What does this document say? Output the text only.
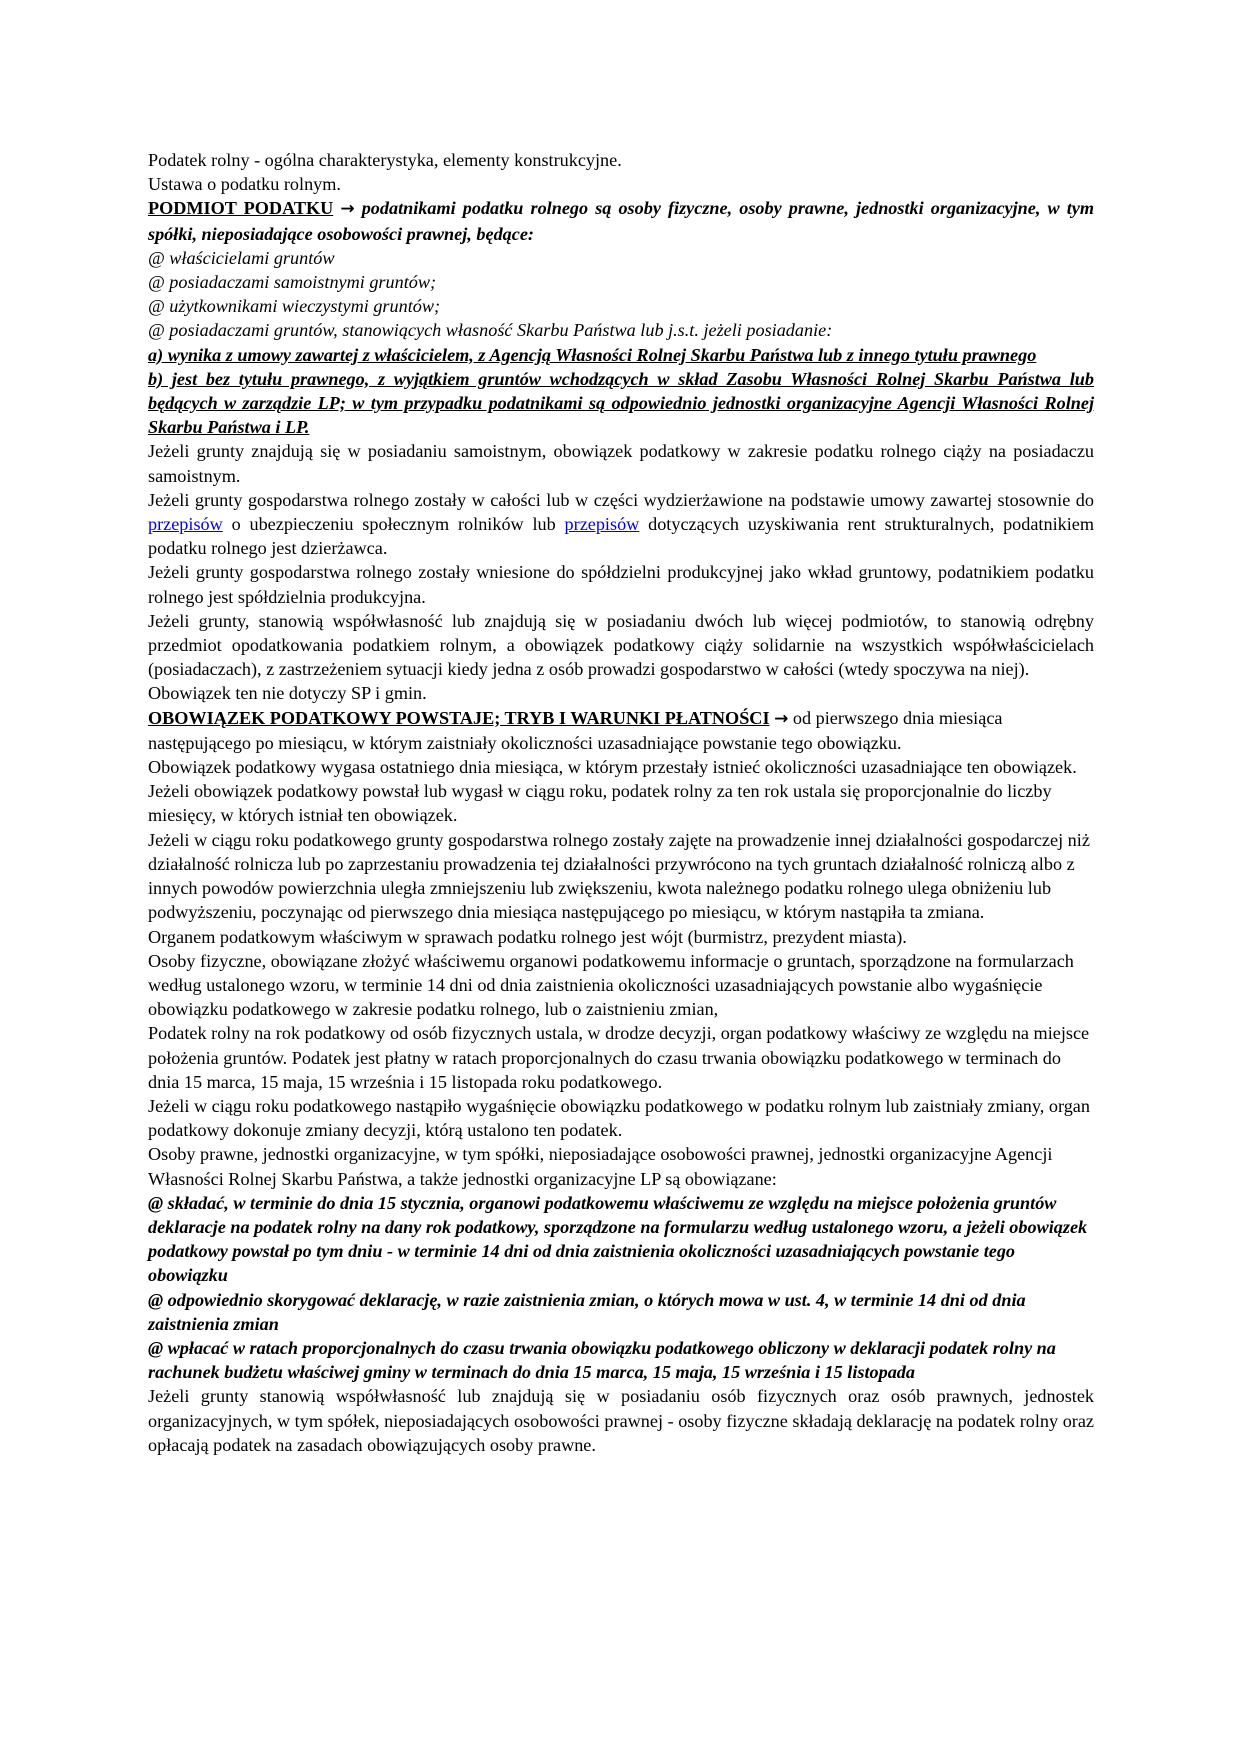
Podatek rolny - ogólna charakterystyka, elementy konstrukcyjne.

Ustawa o podatku rolnym.

PODMIOT PODATKU → podatnikami podatku rolnego są osoby fizyczne, osoby prawne, jednostki organizacyjne, w tym spółki, nieposiadające osobowości prawnej, będące:

@ właścicielami gruntów

@ posiadaczami samoistnymi gruntów;

@ użytkownikami wieczystymi gruntów;

@ posiadaczami gruntów, stanowiących własność Skarbu Państwa lub j.s.t. jeżeli posiadanie:

a) wynika z umowy zawartej z właścicielem, z Agencją Własności Rolnej Skarbu Państwa lub z innego tytułu prawnego

b) jest bez tytułu prawnego, z wyjątkiem gruntów wchodzących w skład Zasobu Własności Rolnej Skarbu Państwa lub będących w zarządzie LP; w tym przypadku podatnikami są odpowiednio jednostki organizacyjne Agencji Własności Rolnej Skarbu Państwa i LP.

Jeżeli grunty znajdują się w posiadaniu samoistnym, obowiązek podatkowy w zakresie podatku rolnego ciąży na posiadaczu samoistnym.

Jeżeli grunty gospodarstwa rolnego zostały w całości lub w części wydzierżawione na podstawie umowy zawartej stosownie do przepisów o ubezpieczeniu społecznym rolników lub przepisów dotyczących uzyskiwania rent strukturalnych, podatnikiem podatku rolnego jest dzierżawca.

Jeżeli grunty gospodarstwa rolnego zostały wniesione do spółdzielni produkcyjnej jako wkład gruntowy, podatnikiem podatku rolnego jest spółdzielnia produkcyjna.

Jeżeli grunty, stanowią współwłasność lub znajdują się w posiadaniu dwóch lub więcej podmiotów, to stanowią odrębny przedmiot opodatkowania podatkiem rolnym, a obowiązek podatkowy ciąży solidarnie na wszystkich współwłaścicielach (posiadaczach), z zastrzeżeniem sytuacji kiedy jedna z osób prowadzi gospodarstwo w całości (wtedy spoczywa na niej).

Obowiązek ten nie dotyczy SP i gmin.

OBOWIĄZEK PODATKOWY POWSTAJE; TRYB I WARUNKI PŁATNOŚCI → od pierwszego dnia miesiąca następującego po miesiącu, w którym zaistniały okoliczności uzasadniające powstanie tego obowiązku.

Obowiązek podatkowy wygasa ostatniego dnia miesiąca, w którym przestały istnieć okoliczności uzasadniające ten obowiązek.

Jeżeli obowiązek podatkowy powstał lub wygasł w ciągu roku, podatek rolny za ten rok ustala się proporcjonalnie do liczby miesięcy, w których istniał ten obowiązek.

Jeżeli w ciągu roku podatkowego grunty gospodarstwa rolnego zostały zajęte na prowadzenie innej działalności gospodarczej niż działalność rolnicza lub po zaprzestaniu prowadzenia tej działalności przywrócono na tych gruntach działalność rolniczą albo z innych powodów powierzchnia uległa zmniejszeniu lub zwiększeniu, kwota należnego podatku rolnego ulega obniżeniu lub podwyższeniu, poczynając od pierwszego dnia miesiąca następującego po miesiącu, w którym nastąpiła ta zmiana.

Organem podatkowym właściwym w sprawach podatku rolnego jest wójt (burmistrz, prezydent miasta).

Osoby fizyczne, obowiązane złożyć właściwemu organowi podatkowemu informacje o gruntach, sporządzone na formularzach według ustalonego wzoru, w terminie 14 dni od dnia zaistnienia okoliczności uzasadniających powstanie albo wygaśnięcie obowiązku podatkowego w zakresie podatku rolnego, lub o zaistnieniu zmian,

Podatek rolny na rok podatkowy od osób fizycznych ustala, w drodze decyzji, organ podatkowy właściwy ze względu na miejsce położenia gruntów. Podatek jest płatny w ratach proporcjonalnych do czasu trwania obowiązku podatkowego w terminach do dnia 15 marca, 15 maja, 15 września i 15 listopada roku podatkowego.

Jeżeli w ciągu roku podatkowego nastąpiło wygaśnięcie obowiązku podatkowego w podatku rolnym lub zaistniały zmiany, organ podatkowy dokonuje zmiany decyzji, którą ustalono ten podatek.

Osoby prawne, jednostki organizacyjne, w tym spółki, nieposiadające osobowości prawnej, jednostki organizacyjne Agencji Własności Rolnej Skarbu Państwa, a także jednostki organizacyjne LP są obowiązane:

@ składać, w terminie do dnia 15 stycznia, organowi podatkowemu właściwemu ze względu na miejsce położenia gruntów deklaracje na podatek rolny na dany rok podatkowy, sporządzone na formularzu według ustalonego wzoru, a jeżeli obowiązek podatkowy powstał po tym dniu - w terminie 14 dni od dnia zaistnienia okoliczności uzasadniających powstanie tego obowiązku

@ odpowiednio skorygować deklarację, w razie zaistnienia zmian, o których mowa w ust. 4, w terminie 14 dni od dnia zaistnienia zmian

@ wpłacać w ratach proporcjonalnych do czasu trwania obowiązku podatkowego obliczony w deklaracji podatek rolny na rachunek budżetu właściwej gminy w terminach do dnia 15 marca, 15 maja, 15 września i 15 listopada

Jeżeli grunty stanowią współwłasność lub znajdują się w posiadaniu osób fizycznych oraz osób prawnych, jednostek organizacyjnych, w tym spółek, nieposiadających osobowości prawnej - osoby fizyczne składają deklarację na podatek rolny oraz opłacają podatek na zasadach obowiązujących osoby prawne.
